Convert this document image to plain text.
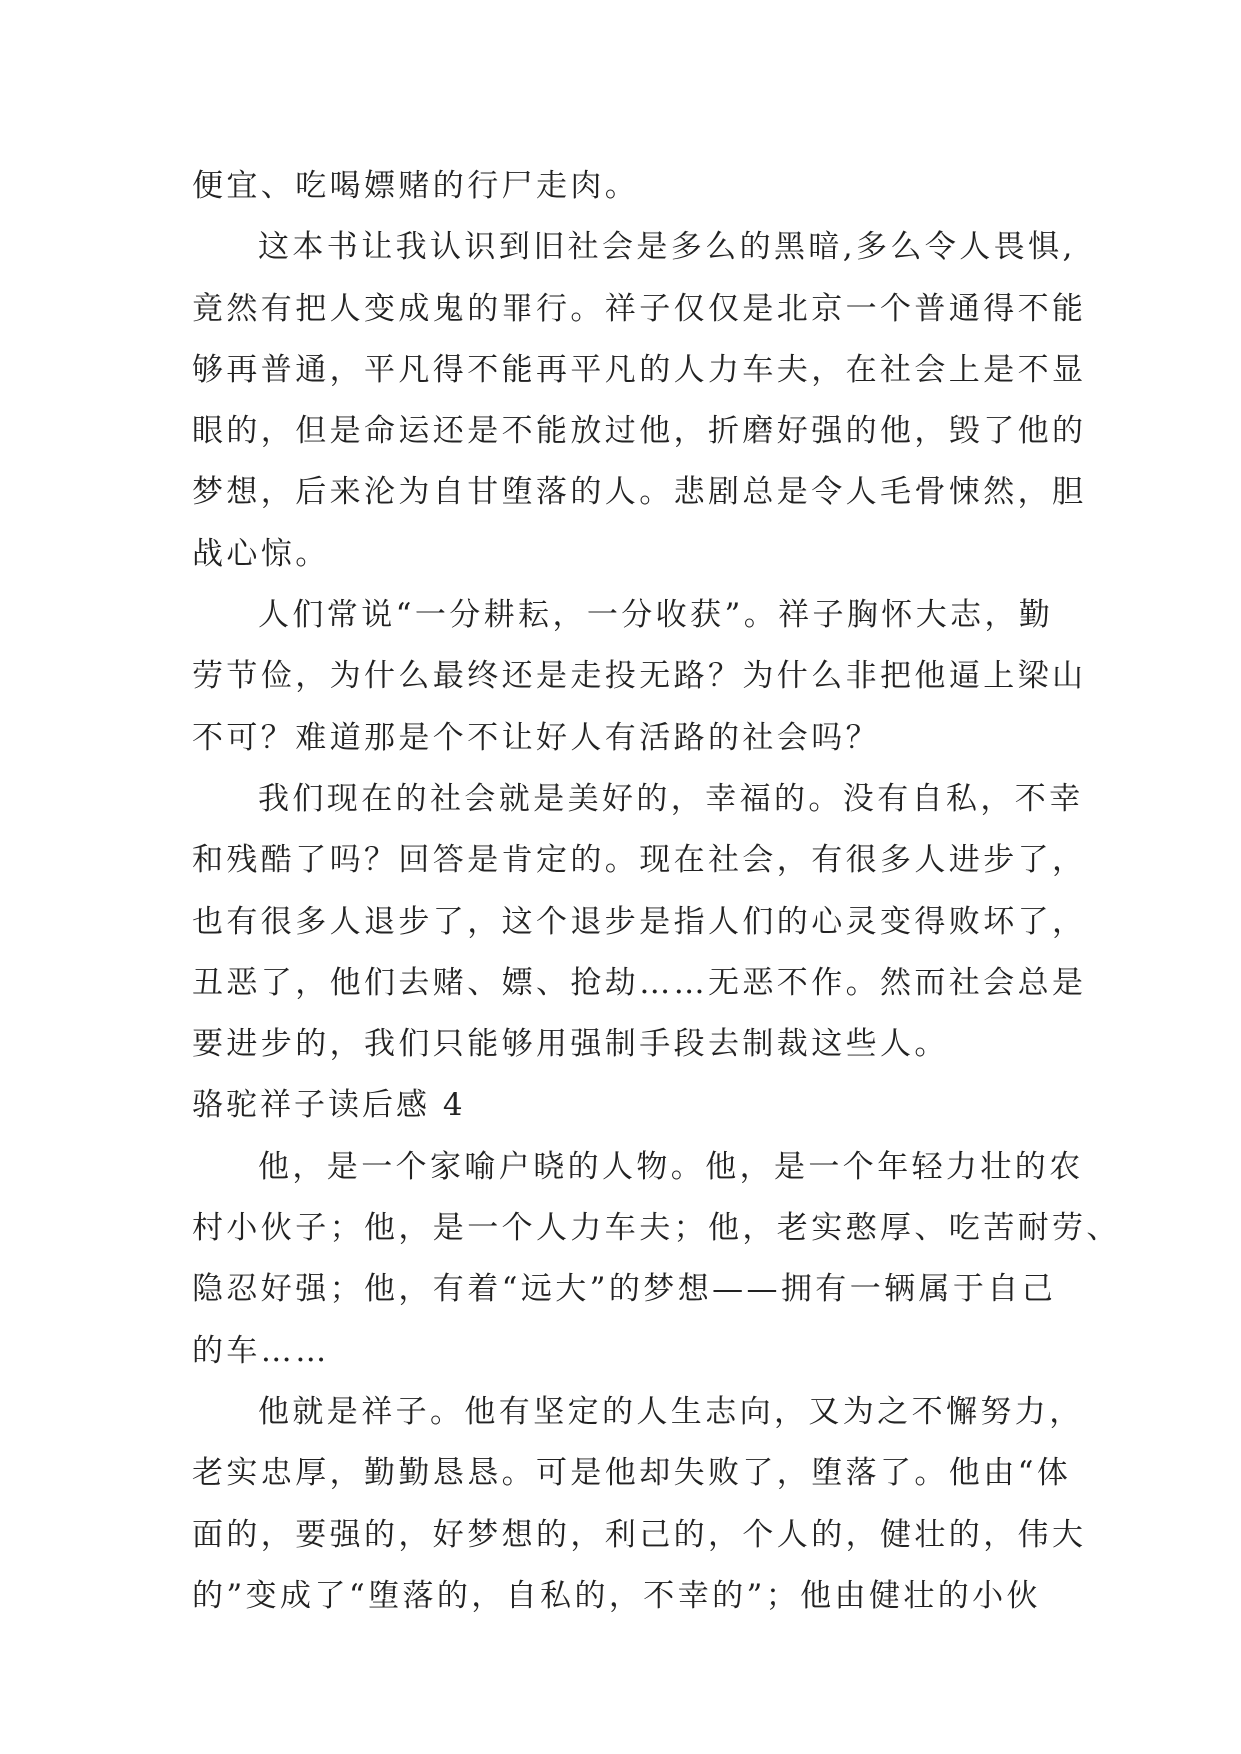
便宜、吃喝嫖赌的行尸走肉。
这本书让我认识到旧社会是多么的黑暗,多么令人畏惧,
竟然有把人变成鬼的罪行。祥子仅仅是北京一个普通得不能
够再普通，平凡得不能再平凡的人力车夫，在社会上是不显
眼的，但是命运还是不能放过他，折磨好强的他，毁了他的
梦想，后来沦为自甘堕落的人。悲剧总是令人毛骨悚然，胆
战心惊。
人们常说“一分耕耘，一分收获”。祥子胸怀大志，勤
劳节俭，为什么最终还是走投无路？为什么非把他逼上梁山
不可？难道那是个不让好人有活路的社会吗？
我们现在的社会就是美好的，幸福的。没有自私，不幸
和残酷了吗？回答是肯定的。现在社会，有很多人进步了，
也有很多人退步了，这个退步是指人们的心灵变得败坏了，
丑恶了，他们去赌、嫖、抢劫……无恶不作。然而社会总是
要进步的，我们只能够用强制手段去制裁这些人。
骆驼祥子读后感 4
他，是一个家喻户晓的人物。他，是一个年轻力壮的农
村小伙子；他，是一个人力车夫；他，老实憨厚、吃苦耐劳、
隐忍好强；他，有着“远大”的梦想——拥有一辆属于自己
的车……
他就是祥子。他有坚定的人生志向，又为之不懈努力，
老实忠厚，勤勤恳恳。可是他却失败了，堕落了。他由“体
面的，要强的，好梦想的，利己的，个人的，健壮的，伟大
的”变成了“堕落的，自私的，不幸的”；他由健壮的小伙
